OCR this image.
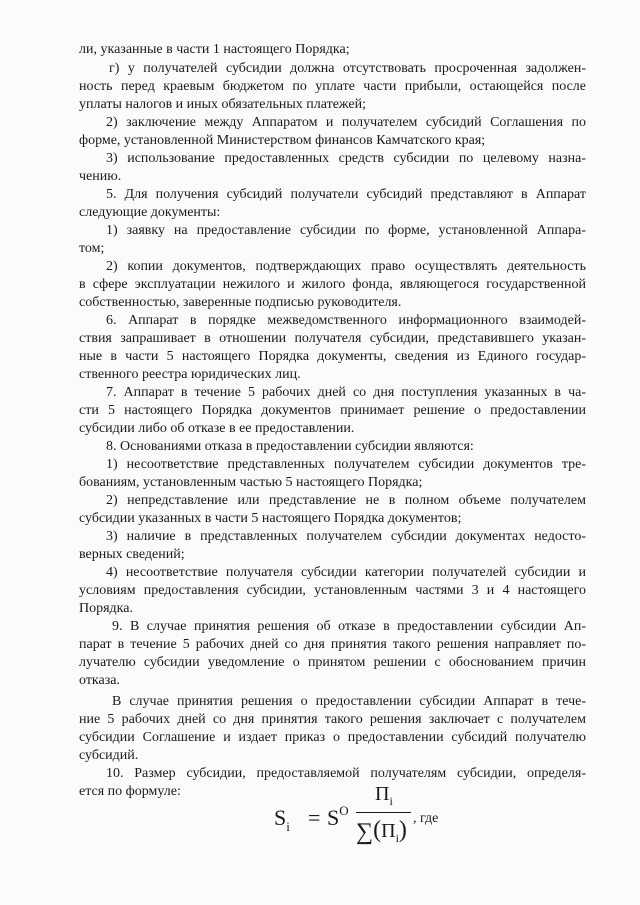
ли, указанные в части 1 настоящего Порядка;
г) у получателей субсидии должна отсутствовать просроченная задолжен-
ность перед краевым бюджетом по уплате части прибыли, остающейся после
уплаты налогов и иных обязательных платежей;
2) заключение между Аппаратом и получателем субсидий Соглашения по
форме, установленной Министерством финансов Камчатского края;
3) использование предоставленных средств субсидии по целевому назна-
чению.
5. Для получения субсидий получатели субсидий представляют в Аппарат
следующие документы:
1) заявку на предоставление субсидии по форме, установленной Аппара-
том;
2) копии документов, подтверждающих право осуществлять деятельность
в сфере эксплуатации нежилого и жилого фонда, являющегося государственной
собственностью, заверенные подписью руководителя.
6. Аппарат в порядке межведомственного информационного взаимодей-
ствия запрашивает в отношении получателя субсидии, представившего указан-
ные в части 5 настоящего Порядка документы, сведения из Единого государ-
ственного реестра юридических лиц.
7. Аппарат в течение 5 рабочих дней со дня поступления указанных в ча-
сти 5 настоящего Порядка документов принимает решение о предоставлении
субсидии либо об отказе в ее предоставлении.
8. Основаниями отказа в предоставлении субсидии являются:
1) несоответствие представленных получателем субсидии документов тре-
бованиям, установленным частью 5 настоящего Порядка;
2) непредставление или представление не в полном объеме получателем
субсидии указанных в части 5 настоящего Порядка документов;
3) наличие в представленных получателем субсидии документах недосто-
верных сведений;
4) несоответствие получателя субсидии категории получателей субсидии и
условиям предоставления субсидии, установленным частями 3 и 4 настоящего
Порядка.
9. В случае принятия решения об отказе в предоставлении субсидии Ап-
парат в течение 5 рабочих дней со дня принятия такого решения направляет по-
лучателю субсидии уведомление о принятом решении с обоснованием причин
отказа.
В случае принятия решения о предоставлении субсидии Аппарат в тече-
ние 5 рабочих дней со дня принятия такого решения заключает с получателем
субсидии Соглашение и издает приказ о предоставлении субсидий получателю
субсидий.
10. Размер субсидии, предоставляемой получателям субсидии, определя-
ется по формуле:
$S_i = S^O$
$П_i$
$\sum(П_i)$ , где
